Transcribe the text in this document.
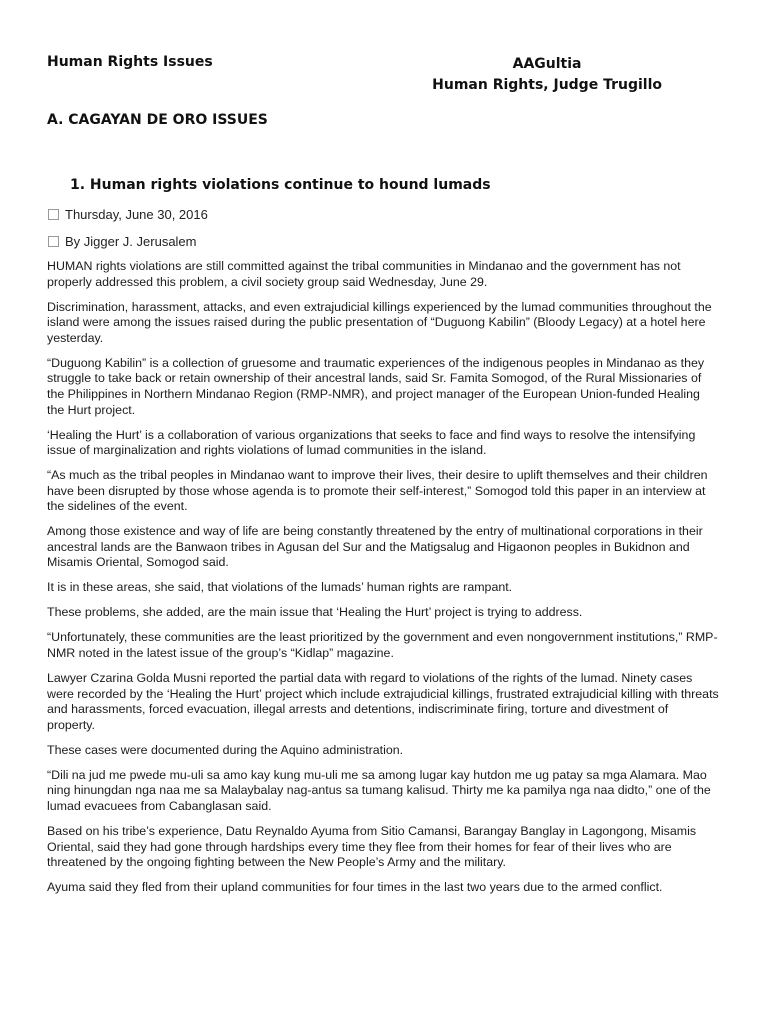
Human Rights Issues	AAGultia
Human Rights, Judge Trugillo
A. CAGAYAN DE ORO ISSUES
1. Human rights violations continue to hound lumads
Thursday, June 30, 2016
By Jigger J. Jerusalem

HUMAN rights violations are still committed against the tribal communities in Mindanao and the government has not properly addressed this problem, a civil society group said Wednesday, June 29.

Discrimination, harassment, attacks, and even extrajudicial killings experienced by the lumad communities throughout the island were among the issues raised during the public presentation of “Duguong Kabilin” (Bloody Legacy) at a hotel here yesterday.

“Duguong Kabilin” is a collection of gruesome and traumatic experiences of the indigenous peoples in Mindanao as they struggle to take back or retain ownership of their ancestral lands, said Sr. Famita Somogod, of the Rural Missionaries of the Philippines in Northern Mindanao Region (RMP-NMR), and project manager of the European Union-funded Healing the Hurt project.

‘Healing the Hurt’ is a collaboration of various organizations that seeks to face and find ways to resolve the intensifying issue of marginalization and rights violations of lumad communities in the island.

“As much as the tribal peoples in Mindanao want to improve their lives, their desire to uplift themselves and their children have been disrupted by those whose agenda is to promote their self-interest,” Somogod told this paper in an interview at the sidelines of the event.

Among those existence and way of life are being constantly threatened by the entry of multinational corporations in their ancestral lands are the Banwaon tribes in Agusan del Sur and the Matigsalug and Higaonon peoples in Bukidnon and Misamis Oriental, Somogod said.

It is in these areas, she said, that violations of the lumads’ human rights are rampant.

These problems, she added, are the main issue that ‘Healing the Hurt’ project is trying to address.

“Unfortunately, these communities are the least prioritized by the government and even nongovernment institutions,” RMP-NMR noted in the latest issue of the group’s “Kidlap” magazine.

Lawyer Czarina Golda Musni reported the partial data with regard to violations of the rights of the lumad. Ninety cases were recorded by the ‘Healing the Hurt’ project which include extrajudicial killings, frustrated extrajudicial killing with threats and harassments, forced evacuation, illegal arrests and detentions, indiscriminate firing, torture and divestment of property.

These cases were documented during the Aquino administration.

“Dili na jud me pwede mu-uli sa amo kay kung mu-uli me sa among lugar kay hutdon me ug patay sa mga Alamara. Mao ning hinungdan nga naa me sa Malaybalay nag-antus sa tumang kalisud. Thirty me ka pamilya nga naa didto,” one of the lumad evacuees from Cabanglasan said.

Based on his tribe’s experience, Datu Reynaldo Ayuma from Sitio Camansi, Barangay Banglay in Lagongong, Misamis Oriental, said they had gone through hardships every time they flee from their homes for fear of their lives who are threatened by the ongoing fighting between the New People’s Army and the military.

Ayuma said they fled from their upland communities for four times in the last two years due to the armed conflict.
